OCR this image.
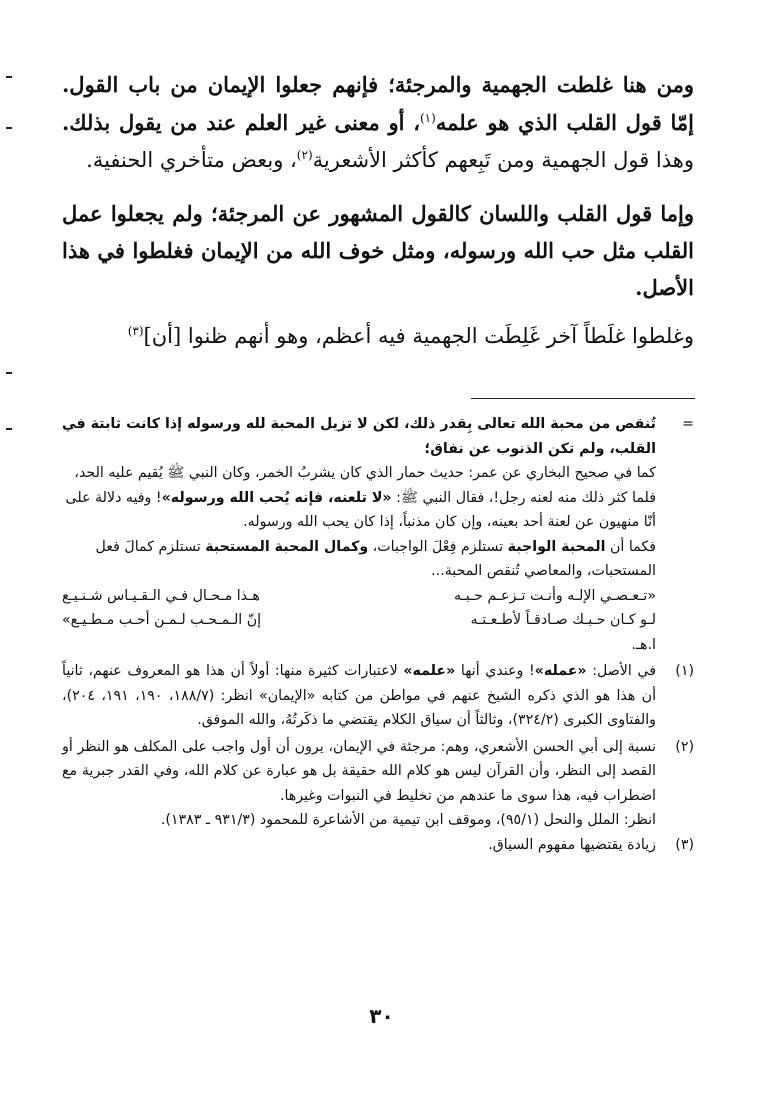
ومن هنا غلطت الجهمية والمرجئة؛ فإنهم جعلوا الإيمان من باب القول. إمّا قول القلب الذي هو علمه$^{(١)}$، أو معنى غير العلم عند من يقول بذلك. وهذا قول الجهمية ومن تَبِعهم كأكثر الأشعرية$^{(٢)}$، وبعض متأخري الحنفية.

وإما قول القلب واللسان كالقول المشهور عن المرجئة؛ ولم يجعلوا عمل القلب مثل حب الله ورسوله، ومثل خوف الله من الإيمان فغلطوا في هذا الأصل.

وغلطوا غلَطاً آخر غَلِطَت الجهمية فيه أعظم، وهو أنهم ظنوا [أن]$^{(٣)}$

=
تُنقص من محبة الله تعالى بِقدر ذلك، لكن لا تزيل المحبة لله ورسوله إذا كانت ثابتة في القلب، ولم تكن الذنوب عن نفاق؛
كما في صحيح البخاري عن عمر: حديث حمار الذي كان يشربُ الخمر، وكان النبي ﷺ يُقيم عليه الحد، فلما كثر ذلك منه لعنه رجل!، فقال النبي ﷺ: «لا تلعنه، فإنه يُحب الله ورسوله»! وفيه دلالة على أنّا منهيون عن لعنة أحد بعينه، وإن كان مذنباً، إذا كان يحب الله ورسوله.
فكما أن المحبة الواجبة تستلزم فِعْلَ الواجبات، وكمال المحبة المستحبة تستلزم كمالَ فعل المستحبات، والمعاصي تُنقص المحبة...
«تـعـصـي الإلـه وأنـت تـزعـم حـبـه
هـذا مـحـال فـي الـقـيـاس شـنـيـع
لـو كـان حـبـك صـادقـاً لأطـعـتـه
إنّ الـمـحـب لـمـن أحـب مـطـيـع»
ا.هـ.
(١)
في الأصل: «عمله»! وعندي أنها «علمه» لاعتبارات كثيرة منها: أولاً أن هذا هو المعروف عنهم، ثانياً أن هذا هو الذي ذكره الشيخ عنهم في مواطن من كتابه «الإيمان» انظر: (١٨٨/٧، ١٩٠، ١٩١، ٢٠٤)، والفتاوى الكبرى (٣٢٤/٢)، وثالثاً أن سياق الكلام يقتضي ما ذكَرتُهُ، والله الموفق.
(٢)
نسبة إلى أبي الحسن الأشعري، وهم: مرجئة في الإيمان، يرون أن أول واجب على المكلف هو النظر أو القصد إلى النظر، وأن القرآن ليس هو كلام الله حقيقة بل هو عبارة عن كلام الله، وفي القدر جبرية مع اضطراب فيه، هذا سوى ما عندهم من تخليط في النبوات وغيرها.
انظر: الملل والنحل (٩٥/١)، وموقف ابن تيمية من الأشاعرة للمحمود (٩٣١/٣ ـ ١٣٨٣).
(٣)
زيادة يقتضيها مفهوم السياق.
٣٠
